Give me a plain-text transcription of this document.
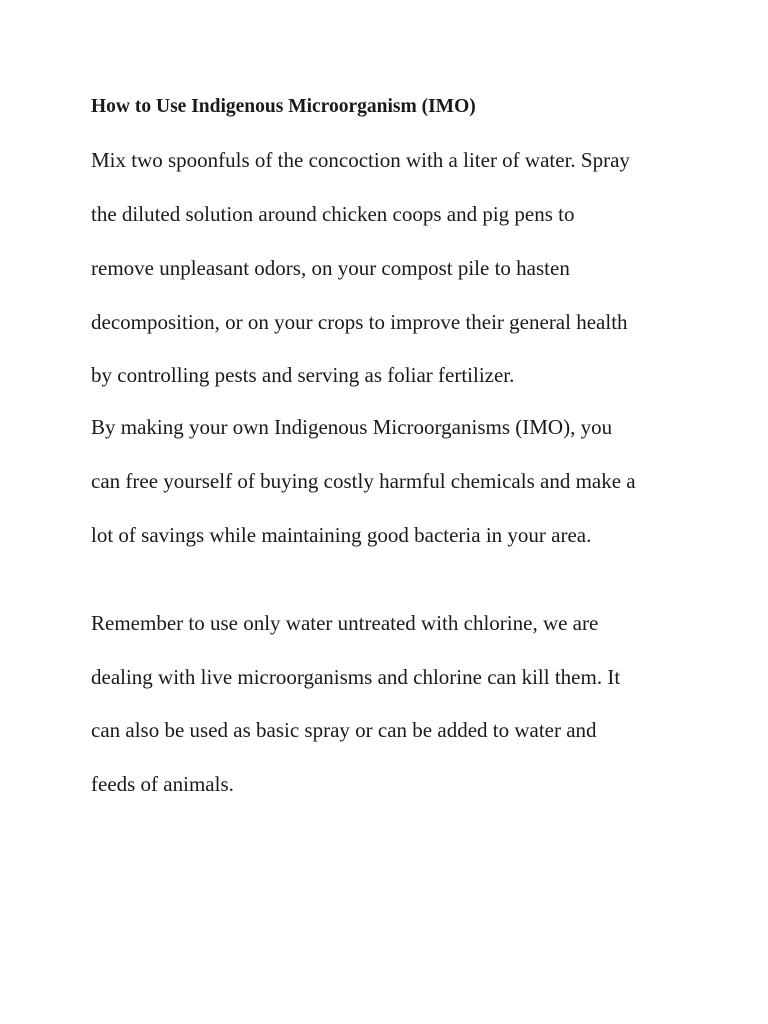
How to Use Indigenous Microorganism (IMO)

Mix two spoonfuls of the concoction with a liter of water. Spray

the diluted solution around chicken coops and pig pens to

remove unpleasant odors, on your compost pile to hasten

decomposition, or on your crops to improve their general health

by controlling pests and serving as foliar fertilizer.

By making your own Indigenous Microorganisms (IMO), you

can free yourself of buying costly harmful chemicals and make a

lot of savings while maintaining good bacteria in your area.

Remember to use only water untreated with chlorine, we are

dealing with live microorganisms and chlorine can kill them. It

can also be used as basic spray or can be added to water and

feeds of animals.
